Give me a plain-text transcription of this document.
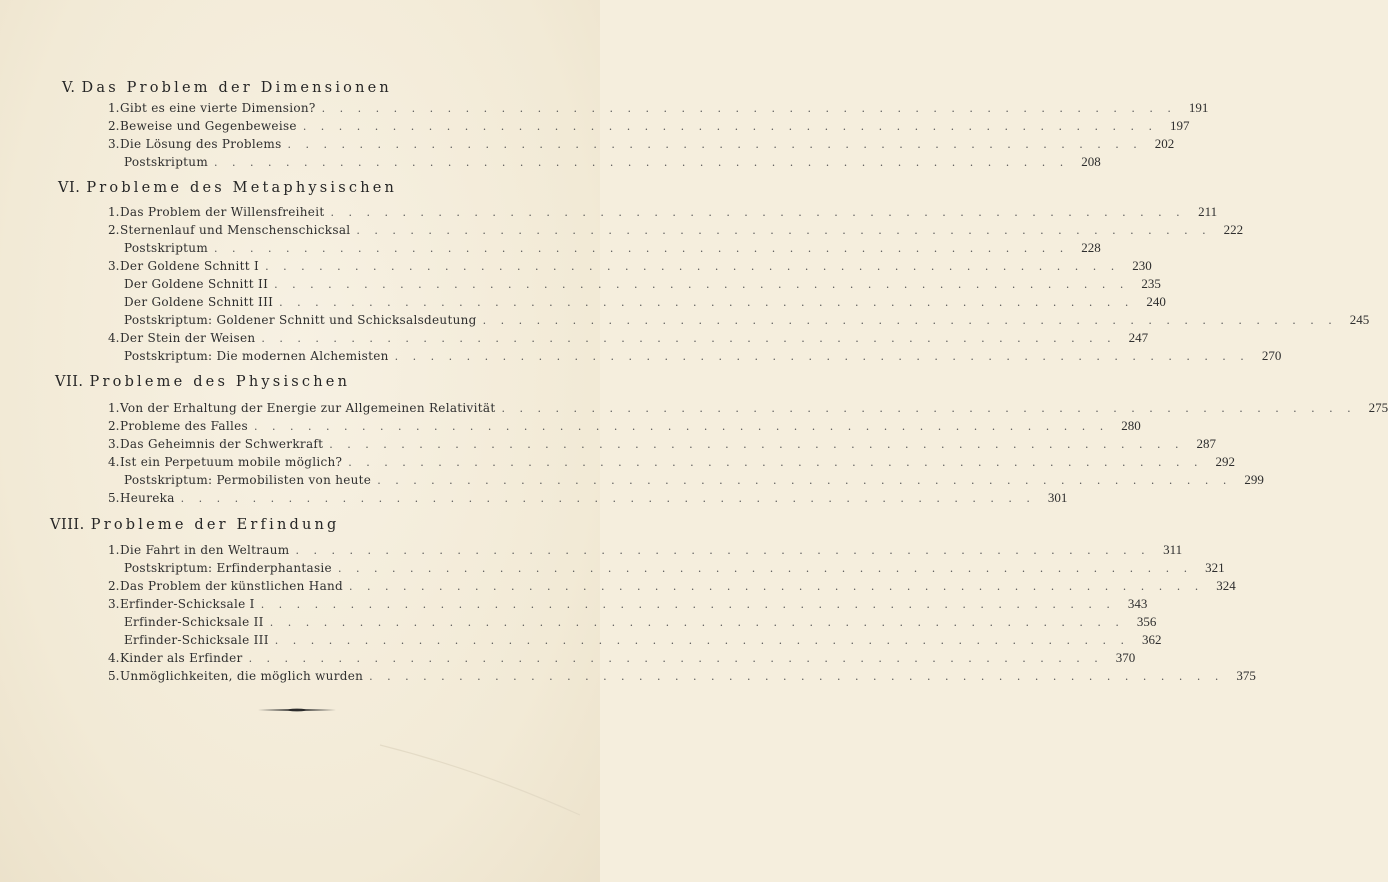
V. Das Problem der Dimensionen
1. Gibt es eine vierte Dimension? . . . . . . . . . . . . . . . . . . . . . . . . . . . . . . . . . . . . . . . . . . . . . . . . 191
2. Beweise und Gegenbeweise . . . . . . . . . . . . . . . . . . . . . . . . . . . . . . . . . . . . . . . . . . . . . . . . 197
3. Die Lösung des Problems . . . . . . . . . . . . . . . . . . . . . . . . . . . . . . . . . . . . . . . . . . . . . . . . 202
Postskriptum . . . . . . . . . . . . . . . . . . . . . . . . . . . . . . . . . . . . . . . . . . . . . . . . 208
VI. Probleme des Metaphysischen
1. Das Problem der Willensfreiheit . . . . . . . . . . . . . . . . . . . . . . . . . . . . . . . . . . . . . . . . . . . . . . . . 211
2. Sternenlauf und Menschenschicksal . . . . . . . . . . . . . . . . . . . . . . . . . . . . . . . . . . . . . . . . . . . . . . . . 222
Postskriptum . . . . . . . . . . . . . . . . . . . . . . . . . . . . . . . . . . . . . . . . . . . . . . . . 228
3. Der Goldene Schnitt I . . . . . . . . . . . . . . . . . . . . . . . . . . . . . . . . . . . . . . . . . . . . . . . . 230
Der Goldene Schnitt II . . . . . . . . . . . . . . . . . . . . . . . . . . . . . . . . . . . . . . . . . . . . . . . . 235
Der Goldene Schnitt III . . . . . . . . . . . . . . . . . . . . . . . . . . . . . . . . . . . . . . . . . . . . . . . . 240
Postskriptum: Goldener Schnitt und Schicksalsdeutung . . . . . . . . . . . . . . . . . . . . . . . . . . . . . . . . . . . . . . . . . . . . . . . . 245
4. Der Stein der Weisen . . . . . . . . . . . . . . . . . . . . . . . . . . . . . . . . . . . . . . . . . . . . . . . . 247
Postskriptum: Die modernen Alchemisten . . . . . . . . . . . . . . . . . . . . . . . . . . . . . . . . . . . . . . . . . . . . . . . . 270
VII. Probleme des Physischen
1. Von der Erhaltung der Energie zur Allgemeinen Relativität . . . . . . . . . . . . . . . . . . . . . . . . . . . . . . . . . . . . . . . . . . . . . . . . 275
2. Probleme des Falles . . . . . . . . . . . . . . . . . . . . . . . . . . . . . . . . . . . . . . . . . . . . . . . . 280
3. Das Geheimnis der Schwerkraft . . . . . . . . . . . . . . . . . . . . . . . . . . . . . . . . . . . . . . . . . . . . . . . . 287
4. Ist ein Perpetuum mobile möglich? . . . . . . . . . . . . . . . . . . . . . . . . . . . . . . . . . . . . . . . . . . . . . . . . 292
Postskriptum: Permobilisten von heute . . . . . . . . . . . . . . . . . . . . . . . . . . . . . . . . . . . . . . . . . . . . . . . . 299
5. Heureka . . . . . . . . . . . . . . . . . . . . . . . . . . . . . . . . . . . . . . . . . . . . . . . . 301
VIII. Probleme der Erfindung
1. Die Fahrt in den Weltraum . . . . . . . . . . . . . . . . . . . . . . . . . . . . . . . . . . . . . . . . . . . . . . . . 311
Postskriptum: Erfinderphantasie . . . . . . . . . . . . . . . . . . . . . . . . . . . . . . . . . . . . . . . . . . . . . . . . 321
2. Das Problem der künstlichen Hand . . . . . . . . . . . . . . . . . . . . . . . . . . . . . . . . . . . . . . . . . . . . . . . . 324
3. Erfinder-Schicksale I . . . . . . . . . . . . . . . . . . . . . . . . . . . . . . . . . . . . . . . . . . . . . . . . 343
Erfinder-Schicksale II . . . . . . . . . . . . . . . . . . . . . . . . . . . . . . . . . . . . . . . . . . . . . . . . 356
Erfinder-Schicksale III . . . . . . . . . . . . . . . . . . . . . . . . . . . . . . . . . . . . . . . . . . . . . . . . 362
4. Kinder als Erfinder . . . . . . . . . . . . . . . . . . . . . . . . . . . . . . . . . . . . . . . . . . . . . . . . 370
5. Unmöglichkeiten, die möglich wurden . . . . . . . . . . . . . . . . . . . . . . . . . . . . . . . . . . . . . . . . . . . . . . . . 375
